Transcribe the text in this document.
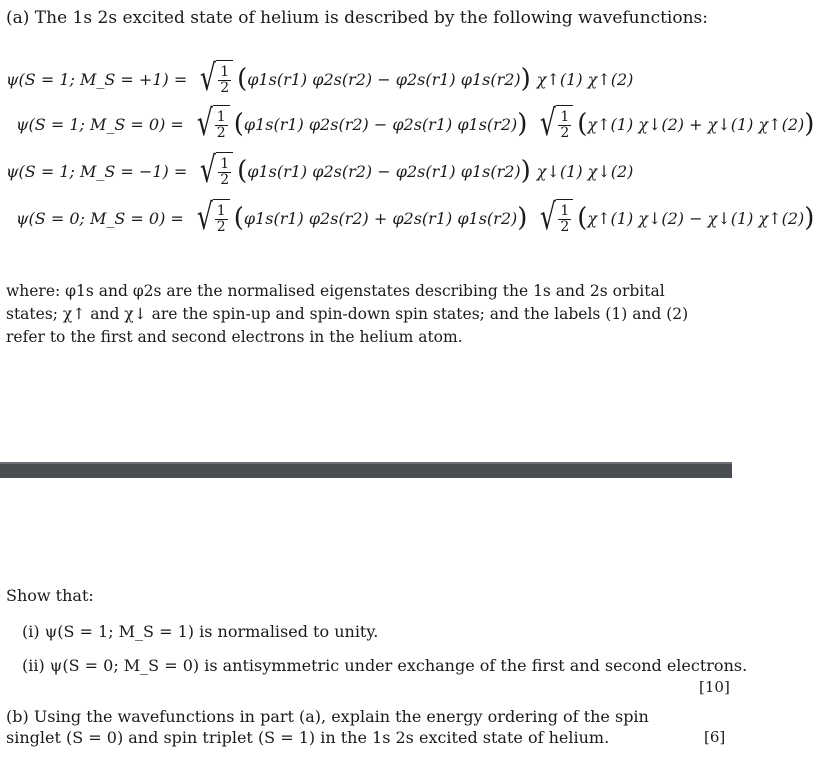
(a) The 1s 2s excited state of helium is described by the following wavefunctions:
ψ(S = 1; M_S = +1) = √ $\frac{1}{2}$ ( φ1s(r1) φ2s(r2) − φ2s(r1) φ1s(r2) ) χ↑(1) χ↑(2)
ψ(S = 1; M_S = 0) = √ $\frac{1}{2}$ ( φ1s(r1) φ2s(r2) − φ2s(r1) φ1s(r2) ) √ $\frac{1}{2}$ ( χ↑(1) χ↓(2) + χ↓(1) χ↑(2) )
ψ(S = 1; M_S = −1) = √ $\frac{1}{2}$ ( φ1s(r1) φ2s(r2) − φ2s(r1) φ1s(r2) ) χ↓(1) χ↓(2)
ψ(S = 0; M_S = 0) = √ $\frac{1}{2}$ ( φ1s(r1) φ2s(r2) + φ2s(r1) φ1s(r2) ) √ $\frac{1}{2}$ ( χ↑(1) χ↓(2) − χ↓(1) χ↑(2) )
where: φ1s and φ2s are the normalised eigenstates describing the 1s and 2s orbital states; χ↑ and χ↓ are the spin-up and spin-down spin states; and the labels (1) and (2) refer to the first and second electrons in the helium atom.
Show that:
(i) ψ(S = 1; M_S = 1) is normalised to unity.
(ii) ψ(S = 0; M_S = 0) is antisymmetric under exchange of the first and second electrons.
[10]
(b) Using the wavefunctions in part (a), explain the energy ordering of the spin singlet (S = 0) and spin triplet (S = 1) in the 1s 2s excited state of helium.	[6]
